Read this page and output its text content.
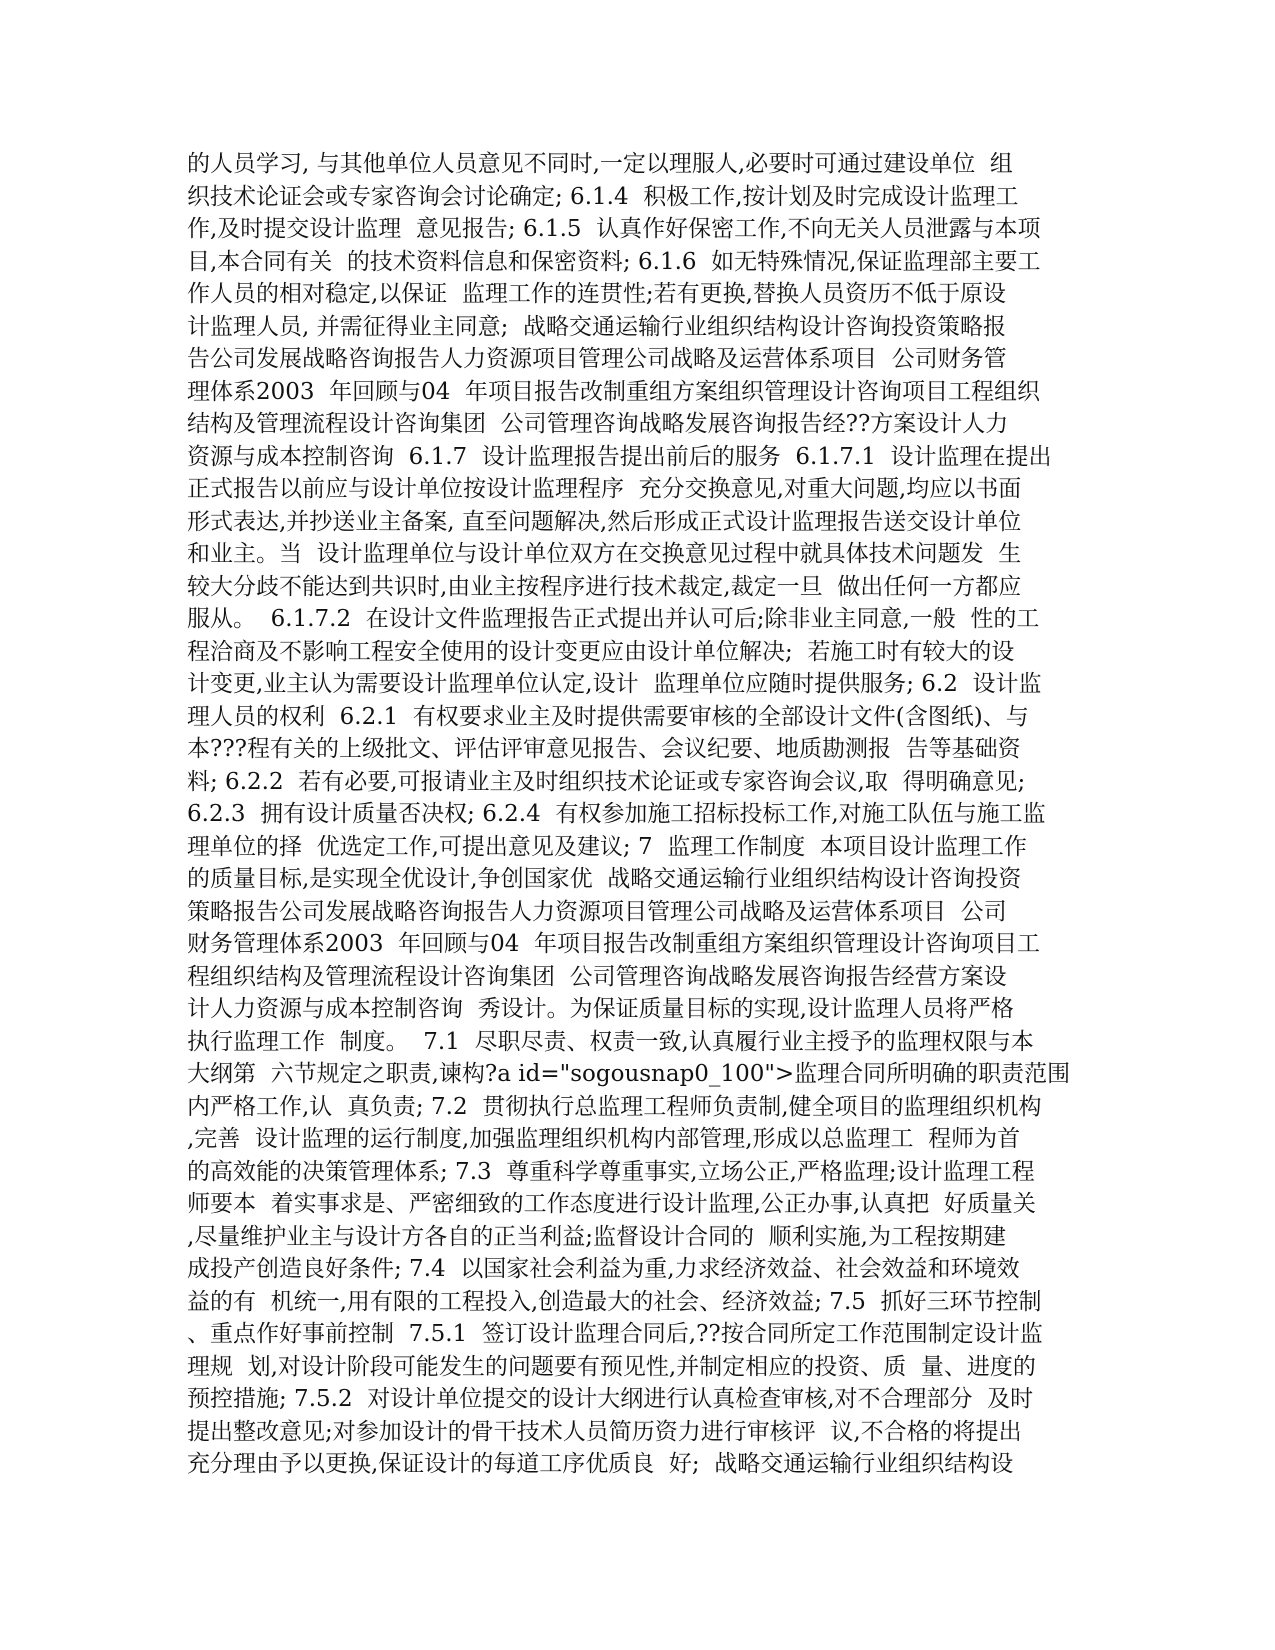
的人员学习, 与其他单位人员意见不同时,一定以理服人,必要时可通过建设单位  组
织技术论证会或专家咨询会讨论确定; 6.1.4  积极工作,按计划及时完成设计监理工
作,及时提交设计监理  意见报告; 6.1.5  认真作好保密工作,不向无关人员泄露与本项
目,本合同有关  的技术资料信息和保密资料; 6.1.6  如无特殊情况,保证监理部主要工
作人员的相对稳定,以保证  监理工作的连贯性;若有更换,替换人员资历不低于原设
计监理人员, 并需征得业主同意;  战略交通运输行业组织结构设计咨询投资策略报
告公司发展战略咨询报告人力资源项目管理公司战略及运营体系项目  公司财务管
理体系2003  年回顾与04  年项目报告改制重组方案组织管理设计咨询项目工程组织
结构及管理流程设计咨询集团  公司管理咨询战略发展咨询报告经??方案设计人力
资源与成本控制咨询  6.1.7  设计监理报告提出前后的服务  6.1.7.1  设计监理在提出
正式报告以前应与设计单位按设计监理程序  充分交换意见,对重大问题,均应以书面
形式表达,并抄送业主备案, 直至问题解决,然后形成正式设计监理报告送交设计单位
和业主。当  设计监理单位与设计单位双方在交换意见过程中就具体技术问题发  生
较大分歧不能达到共识时,由业主按程序进行技术裁定,裁定一旦  做出任何一方都应
服从。  6.1.7.2  在设计文件监理报告正式提出并认可后;除非业主同意,一般  性的工
程洽商及不影响工程安全使用的设计变更应由设计单位解决;  若施工时有较大的设
计变更,业主认为需要设计监理单位认定,设计  监理单位应随时提供服务; 6.2  设计监
理人员的权利  6.2.1  有权要求业主及时提供需要审核的全部设计文件(含图纸)、与
本???程有关的上级批文、评估评审意见报告、会议纪要、地质勘测报  告等基础资
料; 6.2.2  若有必要,可报请业主及时组织技术论证或专家咨询会议,取  得明确意见;
6.2.3  拥有设计质量否决权; 6.2.4  有权参加施工招标投标工作,对施工队伍与施工监
理单位的择  优选定工作,可提出意见及建议; 7  监理工作制度  本项目设计监理工作
的质量目标,是实现全优设计,争创国家优  战略交通运输行业组织结构设计咨询投资
策略报告公司发展战略咨询报告人力资源项目管理公司战略及运营体系项目  公司
财务管理体系2003  年回顾与04  年项目报告改制重组方案组织管理设计咨询项目工
程组织结构及管理流程设计咨询集团  公司管理咨询战略发展咨询报告经营方案设
计人力资源与成本控制咨询  秀设计。为保证质量目标的实现,设计监理人员将严格
执行监理工作  制度。  7.1  尽职尽责、权责一致,认真履行业主授予的监理权限与本
大纲第  六节规定之职责,谏构?a id="sogousnap0_100">监理合同所明确的职责范围
内严格工作,认  真负责; 7.2  贯彻执行总监理工程师负责制,健全项目的监理组织机构
,完善  设计监理的运行制度,加强监理组织机构内部管理,形成以总监理工  程师为首
的高效能的决策管理体系; 7.3  尊重科学尊重事实,立场公正,严格监理;设计监理工程
师要本  着实事求是、严密细致的工作态度进行设计监理,公正办事,认真把  好质量关
,尽量维护业主与设计方各自的正当利益;监督设计合同的  顺利实施,为工程按期建
成投产创造良好条件; 7.4  以国家社会利益为重,力求经济效益、社会效益和环境效
益的有  机统一,用有限的工程投入,创造最大的社会、经济效益; 7.5  抓好三环节控制
、重点作好事前控制  7.5.1  签订设计监理合同后,??按合同所定工作范围制定设计监
理规  划,对设计阶段可能发生的问题要有预见性,并制定相应的投资、质  量、进度的
预控措施; 7.5.2  对设计单位提交的设计大纲进行认真检查审核,对不合理部分  及时
提出整改意见;对参加设计的骨干技术人员简历资力进行审核评  议,不合格的将提出
充分理由予以更换,保证设计的每道工序优质良  好;  战略交通运输行业组织结构设
